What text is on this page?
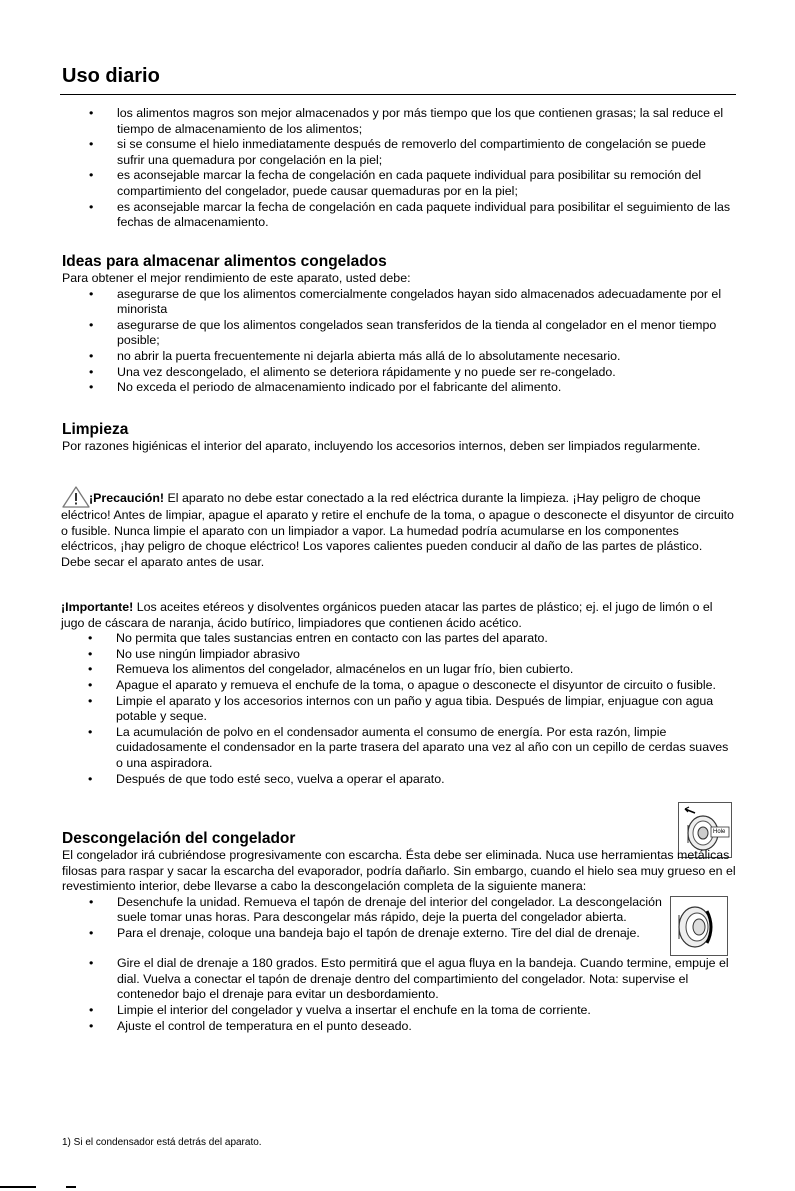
Uso diario
• los alimentos magros son mejor almacenados y por más tiempo que los que contienen grasas; la sal reduce el tiempo de almacenamiento de los alimentos;
• si se consume el hielo inmediatamente después de removerlo del compartimiento de congelación se puede sufrir una quemadura por congelación en la piel;
• es aconsejable marcar la fecha de congelación en cada paquete individual para posibilitar su remoción del compartimiento del congelador, puede causar quemaduras por en la piel;
• es aconsejable marcar la fecha de congelación en cada paquete individual para posibilitar el seguimiento de las fechas de almacenamiento.

Ideas para almacenar alimentos congelados

Para obtener el mejor rendimiento de este aparato, usted debe:

• asegurarse de que los alimentos comercialmente congelados hayan sido almacenados adecuadamente por el minorista
• asegurarse de que los alimentos congelados sean transferidos de la tienda al congelador en el menor tiempo posible;
• no abrir la puerta frecuentemente ni dejarla abierta más allá de lo absolutamente necesario.
• Una vez descongelado, el alimento se deteriora rápidamente y no puede ser re-congelado.
• No exceda el periodo de almacenamiento indicado por el fabricante del alimento.

Limpieza

Por razones higiénicas el interior del aparato, incluyendo los accesorios internos, deben ser limpiados regularmente.

¡Precaución! El aparato no debe estar conectado a la red eléctrica durante la limpieza. ¡Hay peligro de choque eléctrico! Antes de limpiar, apague el aparato y retire el enchufe de la toma, o apague o desconecte el disyuntor de circuito o fusible. Nunca limpie el aparato con un limpiador a vapor. La humedad podría acumularse en los componentes eléctricos, ¡hay peligro de choque eléctrico! Los vapores calientes pueden conducir al daño de las partes de plástico. Debe secar el aparato antes de usar.

¡Importante! Los aceites etéreos y disolventes orgánicos pueden atacar las partes de plástico; ej. el jugo de limón o el jugo de cáscara de naranja, ácido butírico, limpiadores que contienen ácido acético.

• No permita que tales sustancias entren en contacto con las partes del aparato.
• No use ningún limpiador abrasivo
• Remueva los alimentos del congelador, almacénelos en un lugar frío, bien cubierto.
• Apague el aparato y remueva el enchufe de la toma, o apague o desconecte el disyuntor de circuito o fusible.
• Limpie el aparato y los accesorios internos con un paño y agua tibia. Después de limpiar, enjuague con agua potable y seque.
• La acumulación de polvo en el condensador aumenta el consumo de energía. Por esta razón, limpie cuidadosamente el condensador en la parte trasera del aparato una vez al año con un cepillo de cerdas suaves o una aspiradora.
• Después de que todo esté seco, vuelva a operar el aparato.
Hole

Descongelación del congelador

El congelador irá cubriéndose progresivamente con escarcha. Ésta debe ser eliminada. Nuca use herramientas metálicas filosas para raspar y sacar la escarcha del evaporador, podría dañarlo. Sin embargo, cuando el hielo sea muy grueso en el revestimiento interior, debe llevarse a cabo la descongelación completa de la siguiente manera:

• Desenchufe la unidad. Remueva el tapón de drenaje del interior del congelador. La descongelación suele tomar unas horas. Para descongelar más rápido, deje la puerta del congelador abierta.
• Para el drenaje, coloque una bandeja bajo el tapón de drenaje externo. Tire del dial de drenaje.
• Gire el dial de drenaje a 180 grados. Esto permitirá que el agua fluya en la bandeja. Cuando termine, empuje el dial. Vuelva a conectar el tapón de drenaje dentro del compartimiento del congelador. Nota: supervise el contenedor bajo el drenaje para evitar un desbordamiento.
• Limpie el interior del congelador y vuelva a insertar el enchufe en la toma de corriente.
• Ajuste el control de temperatura en el punto deseado.
1) Si el condensador está detrás del aparato.
